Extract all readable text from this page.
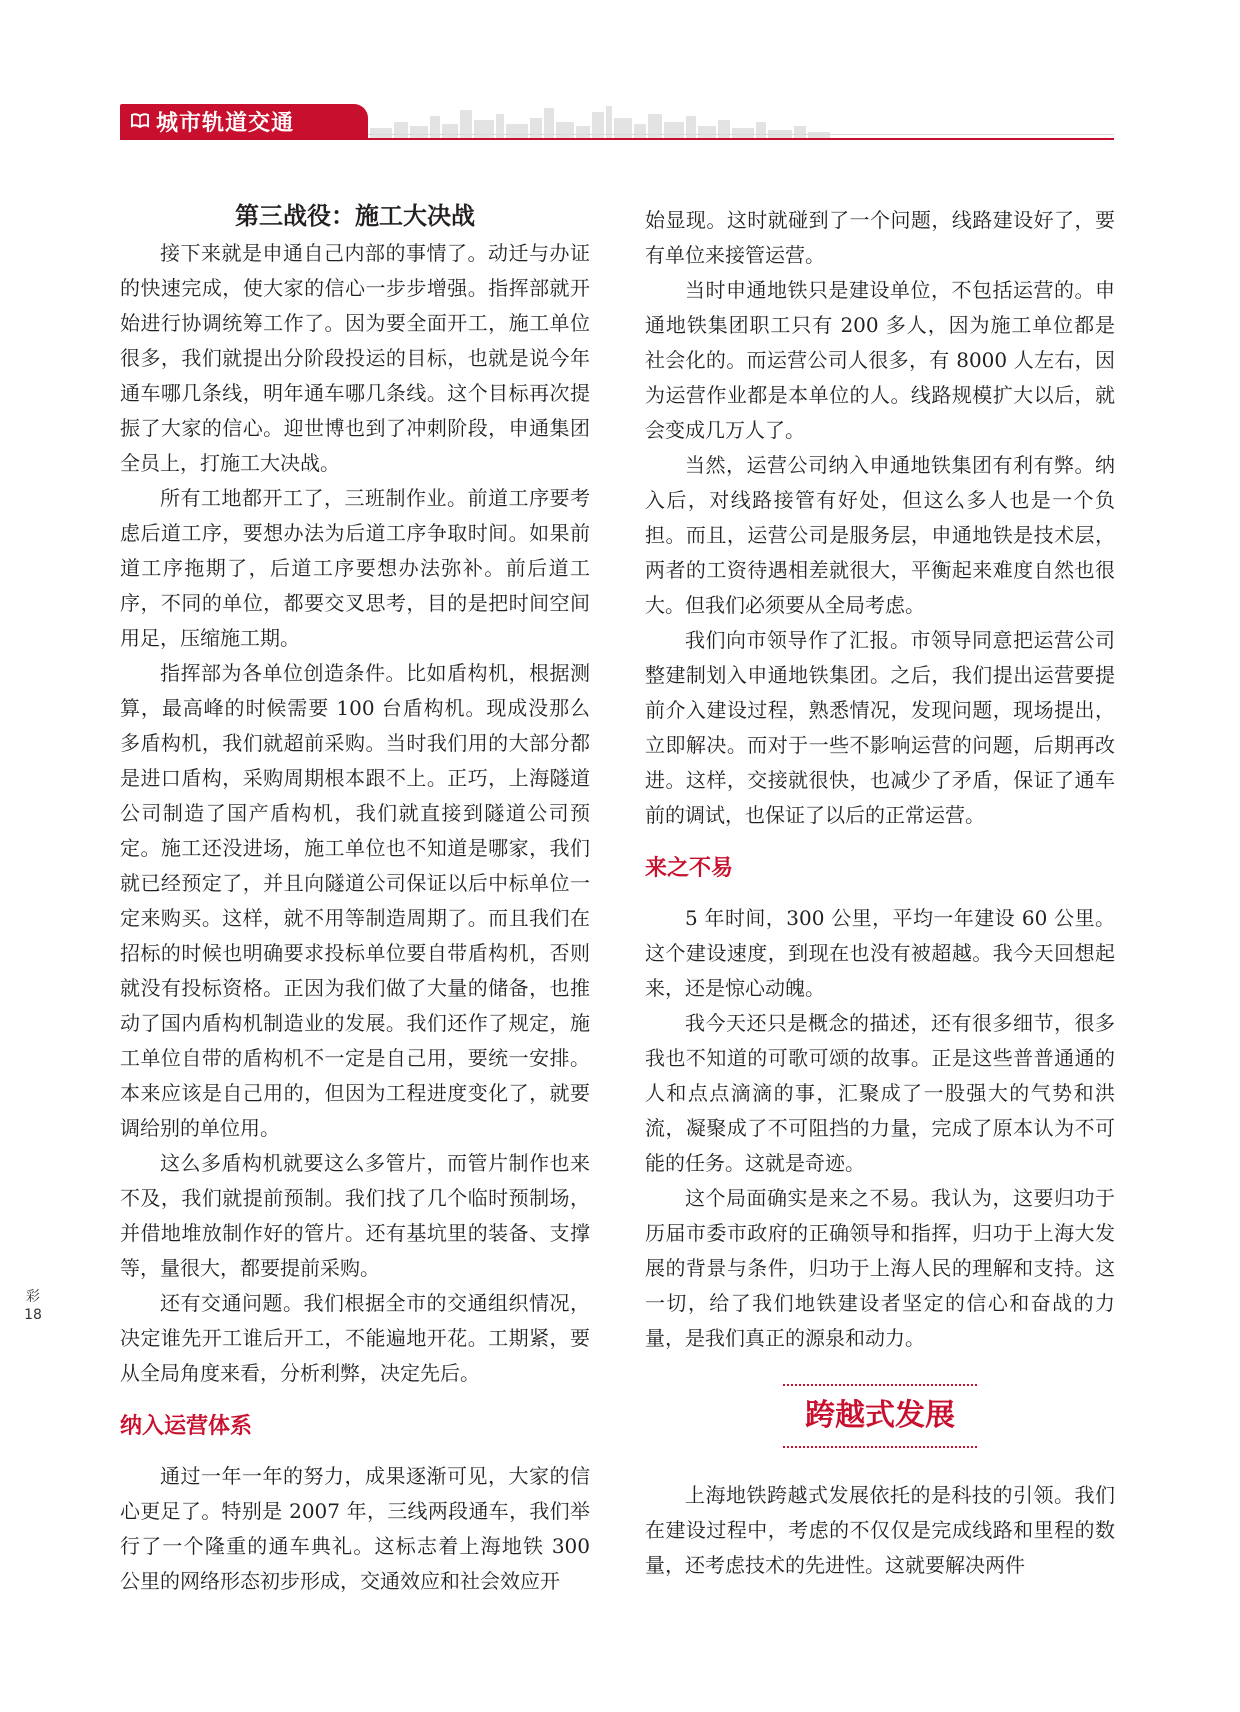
城市轨道交通
第三战役：施工大决战

接下来就是申通自己内部的事情了。动迁与办证的快速完成，使大家的信心一步步增强。指挥部就开始进行协调统筹工作了。因为要全面开工，施工单位很多，我们就提出分阶段投运的目标，也就是说今年通车哪几条线，明年通车哪几条线。这个目标再次提振了大家的信心。迎世博也到了冲刺阶段，申通集团全员上，打施工大决战。

所有工地都开工了，三班制作业。前道工序要考虑后道工序，要想办法为后道工序争取时间。如果前道工序拖期了，后道工序要想办法弥补。前后道工序，不同的单位，都要交叉思考，目的是把时间空间用足，压缩施工期。

指挥部为各单位创造条件。比如盾构机，根据测算，最高峰的时候需要 100 台盾构机。现成没那么多盾构机，我们就超前采购。当时我们用的大部分都是进口盾构，采购周期根本跟不上。正巧，上海隧道公司制造了国产盾构机，我们就直接到隧道公司预定。施工还没进场，施工单位也不知道是哪家，我们就已经预定了，并且向隧道公司保证以后中标单位一定来购买。这样，就不用等制造周期了。而且我们在招标的时候也明确要求投标单位要自带盾构机，否则就没有投标资格。正因为我们做了大量的储备，也推动了国内盾构机制造业的发展。我们还作了规定，施工单位自带的盾构机不一定是自己用，要统一安排。本来应该是自己用的，但因为工程进度变化了，就要调给别的单位用。

这么多盾构机就要这么多管片，而管片制作也来不及，我们就提前预制。我们找了几个临时预制场，并借地堆放制作好的管片。还有基坑里的装备、支撑等，量很大，都要提前采购。

还有交通问题。我们根据全市的交通组织情况，决定谁先开工谁后开工，不能遍地开花。工期紧，要从全局角度来看，分析利弊，决定先后。

纳入运营体系

通过一年一年的努力，成果逐渐可见，大家的信心更足了。特别是 2007 年，三线两段通车，我们举行了一个隆重的通车典礼。这标志着上海地铁 300 公里的网络形态初步形成，交通效应和社会效应开

始显现。这时就碰到了一个问题，线路建设好了，要有单位来接管运营。

当时申通地铁只是建设单位，不包括运营的。申通地铁集团职工只有 200 多人，因为施工单位都是社会化的。而运营公司人很多，有 8000 人左右，因为运营作业都是本单位的人。线路规模扩大以后，就会变成几万人了。

当然，运营公司纳入申通地铁集团有利有弊。纳入后，对线路接管有好处，但这么多人也是一个负担。而且，运营公司是服务层，申通地铁是技术层，两者的工资待遇相差就很大，平衡起来难度自然也很大。但我们必须要从全局考虑。

我们向市领导作了汇报。市领导同意把运营公司整建制划入申通地铁集团。之后，我们提出运营要提前介入建设过程，熟悉情况，发现问题，现场提出，立即解决。而对于一些不影响运营的问题，后期再改进。这样，交接就很快，也减少了矛盾，保证了通车前的调试，也保证了以后的正常运营。

来之不易

5 年时间，300 公里，平均一年建设 60 公里。这个建设速度，到现在也没有被超越。我今天回想起来，还是惊心动魄。

我今天还只是概念的描述，还有很多细节，很多我也不知道的可歌可颂的故事。正是这些普普通通的人和点点滴滴的事，汇聚成了一股强大的气势和洪流，凝聚成了不可阻挡的力量，完成了原本认为不可能的任务。这就是奇迹。

这个局面确实是来之不易。我认为，这要归功于历届市委市政府的正确领导和指挥，归功于上海大发展的背景与条件，归功于上海人民的理解和支持。这一切，给了我们地铁建设者坚定的信心和奋战的力量，是我们真正的源泉和动力。

跨越式发展

上海地铁跨越式发展依托的是科技的引领。我们在建设过程中，考虑的不仅仅是完成线路和里程的数量，还考虑技术的先进性。这就要解决两件

彩
18
